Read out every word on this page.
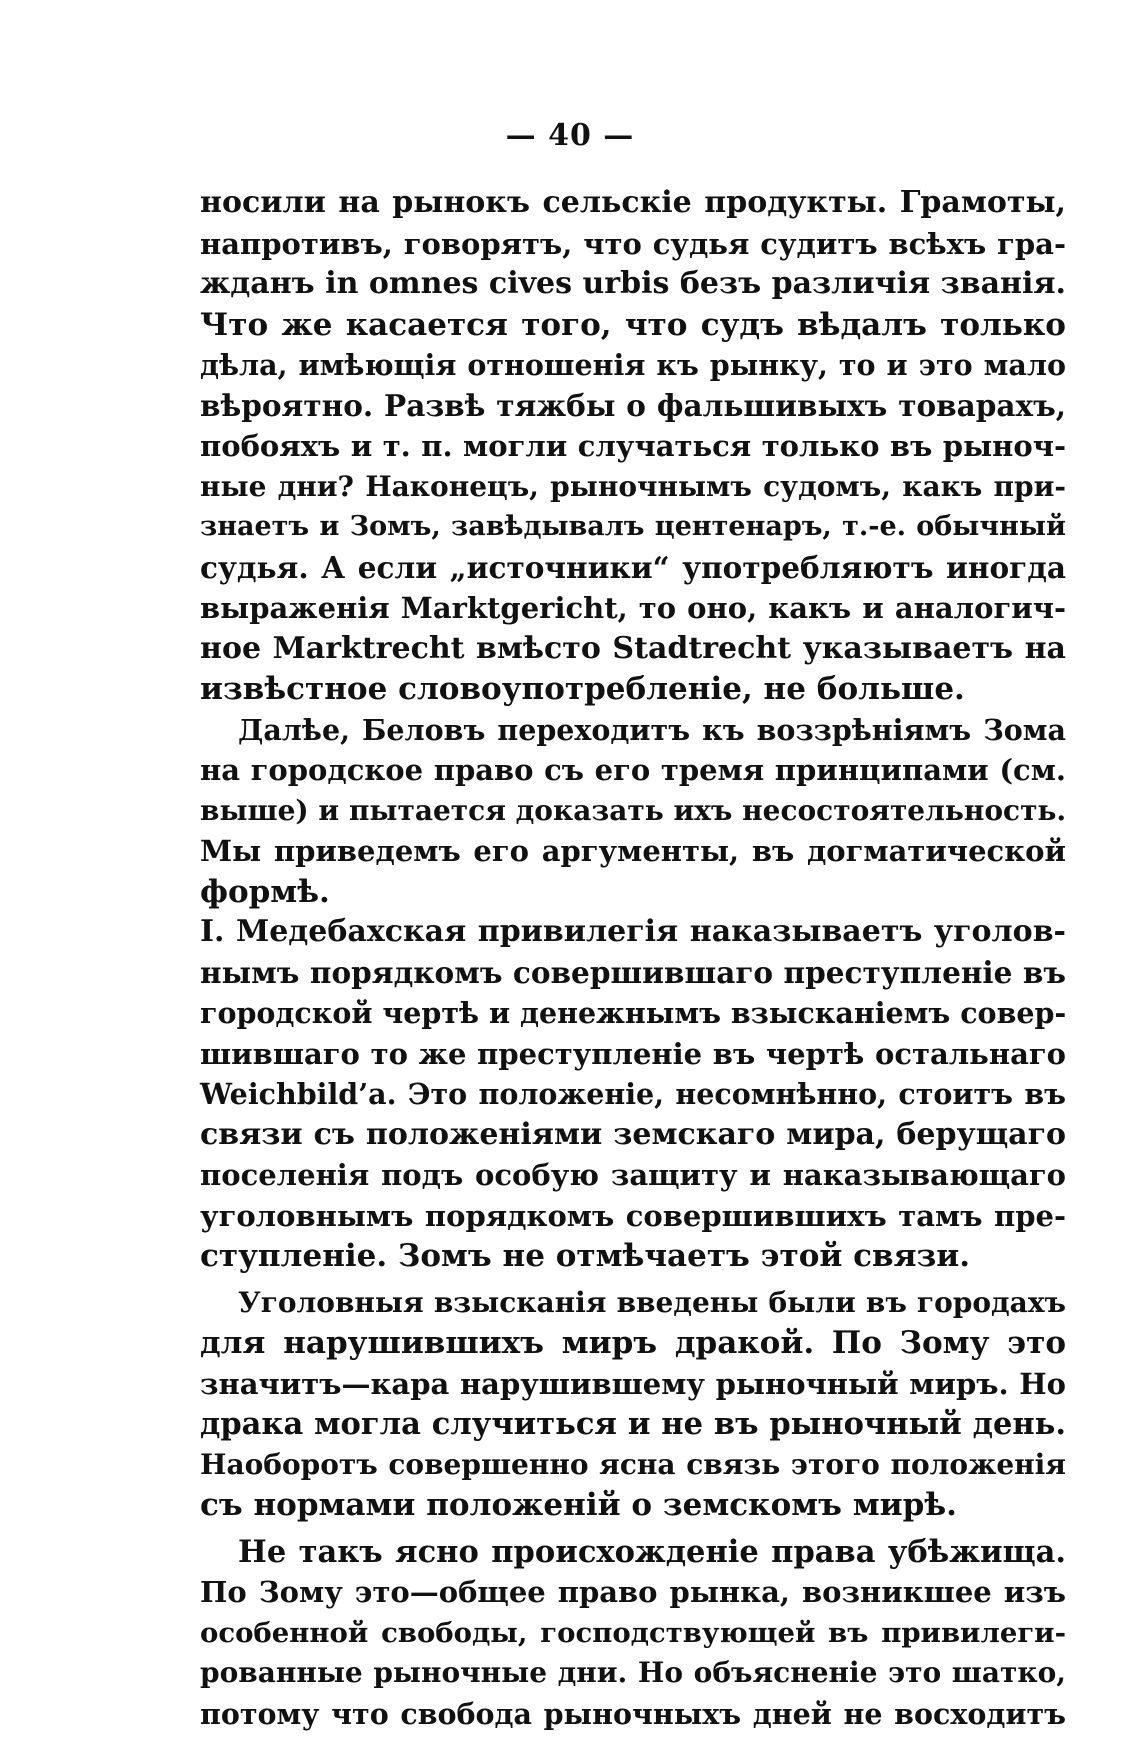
— 40 —
носили на рынокъ сельскіе продукты. Грамоты,
напротивъ, говорятъ, что судья судитъ всѣхъ гра-
жданъ in omnes cives urbis безъ различія званія.
Что же касается того, что судъ вѣдалъ только
дѣла, имѣющія отношенія къ рынку, то и это мало
вѣроятно. Развѣ тяжбы о фальшивыхъ товарахъ,
побояхъ и т. п. могли случаться только въ рыноч-
ные дни? Наконецъ, рыночнымъ судомъ, какъ при-
знаетъ и Зомъ, завѣдывалъ центенаръ, т.-е. обычный
судья. А если „источники“ употребляютъ иногда
выраженія Marktgericht, то оно, какъ и аналогич-
ное Marktrecht вмѣсто Stadtrecht указываетъ на
извѣстное словоупотребленіе, не больше.
Далѣе, Беловъ переходитъ къ воззрѣніямъ Зома
на городское право съ его тремя принципами (см.
выше) и пытается доказать ихъ несостоятельность.
Мы приведемъ его аргументы, въ догматической
формѣ.
I. Медебахская привилегія наказываетъ уголов-
нымъ порядкомъ совершившаго преступленіе въ
городской чертѣ и денежнымъ взысканіемъ совер-
шившаго то же преступленіе въ чертѣ остальнаго
Weichbild’a. Это положеніе, несомнѣнно, стоитъ въ
связи съ положеніями земскаго мира, берущаго
поселенія подъ особую защиту и наказывающаго
уголовнымъ порядкомъ совершившихъ тамъ пре-
ступленіе. Зомъ не отмѣчаетъ этой связи.
Уголовныя взысканія введены были въ городахъ
для нарушившихъ миръ дракой. По Зому это
значитъ—кара нарушившему рыночный миръ. Но
драка могла случиться и не въ рыночный день.
Наоборотъ совершенно ясна связь этого положенія
съ нормами положеній о земскомъ мирѣ.
Не такъ ясно происхожденіе права убѣжища.
По Зому это—общее право рынка, возникшее изъ
особенной свободы, господствующей въ привилеги-
рованные рыночные дни. Но объясненіе это шатко,
потому что свобода рыночныхъ дней не восходитъ
